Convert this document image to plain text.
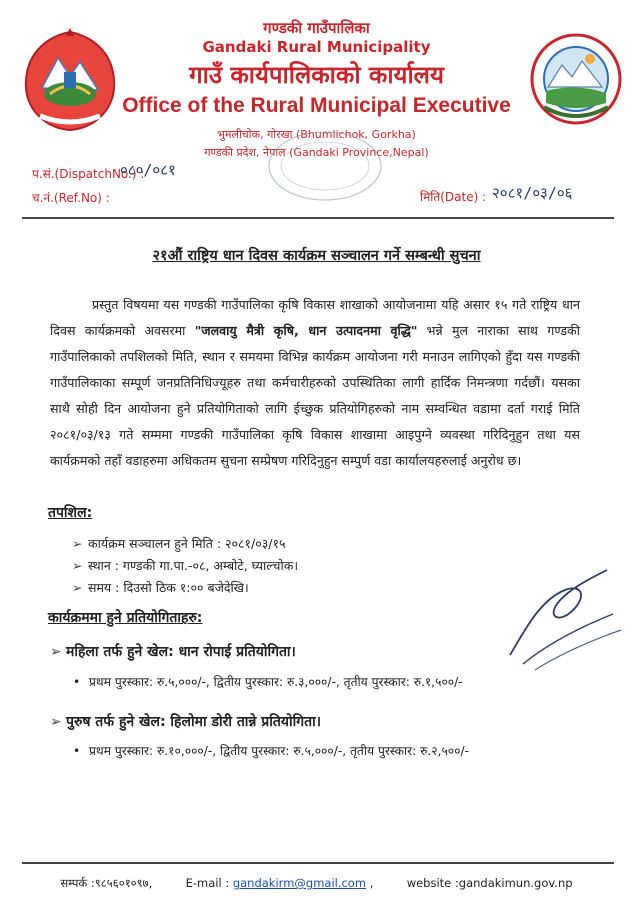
गण्डकी गाउँपालिका
Gandaki Rural Municipality
गाउँ कार्यपालिकाको कार्यालय
Office of the Rural Municipal Executive
भुमलीचोक, गोरखा (Bhumlichok, Gorkha)
गण्डकी प्रदेश, नेपाल (Gandaki Province,Nepal)
प.सं.(DispatchNo.) :
०८०/०८१
च.नं.(Ref.No) :	मिति(Date) : २०८१/०३/०६
२१औं राष्ट्रिय धान दिवस कार्यक्रम सञ्चालन गर्ने सम्बन्धी सुचना
प्रस्तुत विषयमा यस गण्डकी गाउँपालिका कृषि विकास शाखाको आयोजनामा यहि असार १५ गते राष्ट्रिय धान दिवस कार्यक्रमको अवसरमा "जलवायु मैत्री कृषि, धान उत्पादनमा वृद्धि" भन्ने मुल नाराका साथ गण्डकी गाउँपालिकाको तपशिलको मिति, स्थान र समयमा विभिन्न कार्यक्रम आयोजना गरी मनाउन लागिएको हुँदा यस गण्डकी गाउँपालिकाका सम्पूर्ण जनप्रतिनिधिज्यूहरु तथा कर्मचारीहरुको उपस्थितिका लागी हार्दिक निमन्त्रणा गर्दछौं। यसका साथै सोही दिन आयोजना हुने प्रतियोगिताको लागि ईच्छुक प्रतियोगिहरुको नाम सम्वन्धित वडामा दर्ता गराई मिति २०८१/०३/१३ गते सम्ममा गण्डकी गाउँपालिका कृषि विकास शाखामा आइपुग्ने व्यवस्था गरिदिनुहुन तथा यस कार्यक्रमको तहाँ वडाहरुमा अधिकतम सुचना सम्प्रेषण गरिदिनुहुन सम्पुर्ण वडा कार्यालयहरुलाई अनुरोध छ।
तपशिल:
➢ कार्यक्रम सञ्चालन हुने मिति : २०८१/०३/१५
➢ स्थान : गण्डकी गा.पा.-०८, अम्बोटे, घ्याल्चोक।
➢ समय : दिउसो ठिक १:०० बजेदेखि।
कार्यक्रममा हुने प्रतियोगिताहरु:
➢ महिला तर्फ हुने खेल: धान रोपाई प्रतियोगिता।
• प्रथम पुरस्कार: रु.५,०००/-, द्वितीय पुरस्कार: रु.३,०००/-, तृतीय पुरस्कार: रु.१,५००/-
➢ पुरुष तर्फ हुने खेल: हिलोमा डोरी तान्ने प्रतियोगिता।
• प्रथम पुरस्कार: रु.१०,०००/-, द्वितीय पुरस्कार: रु.५,०००/-, तृतीय पुरस्कार: रु.२,५००/-
सम्पर्क :९८५६०१०९७,	E-mail : gandakirm@gmail.com ,	website :gandakimun.gov.np
